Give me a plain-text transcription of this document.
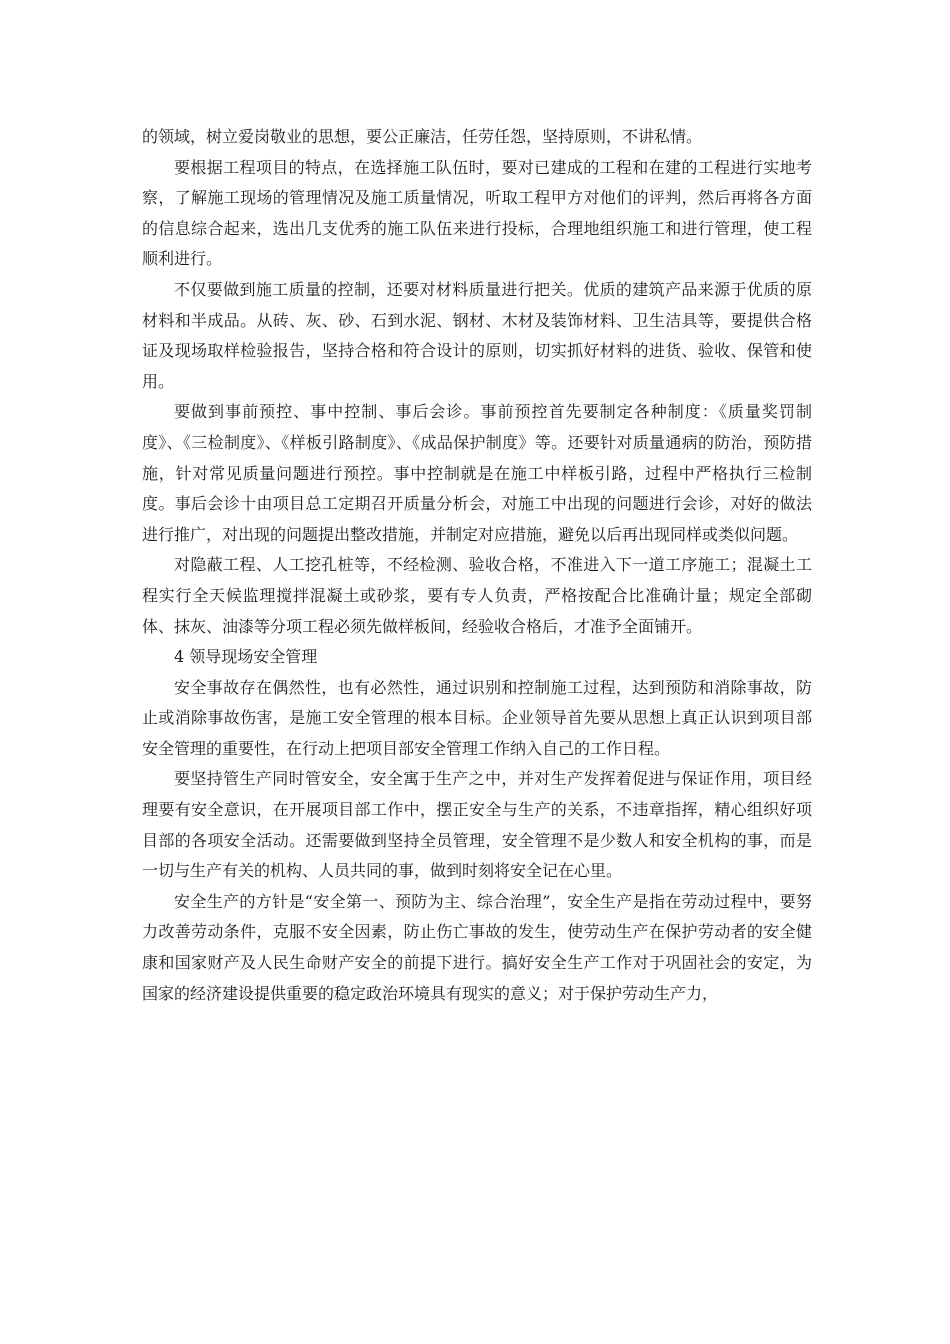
的领域，树立爱岗敬业的思想，要公正廉洁，任劳任怨，坚持原则，不讲私情。

要根据工程项目的特点，在选择施工队伍时，要对已建成的工程和在建的工程进行实地考察，了解施工现场的管理情况及施工质量情况，听取工程甲方对他们的评判，然后再将各方面的信息综合起来，选出几支优秀的施工队伍来进行投标，合理地组织施工和进行管理，使工程顺利进行。

不仅要做到施工质量的控制，还要对材料质量进行把关。优质的建筑产品来源于优质的原材料和半成品。从砖、灰、砂、石到水泥、钢材、木材及装饰材料、卫生洁具等，要提供合格证及现场取样检验报告，坚持合格和符合设计的原则，切实抓好材料的进货、验收、保管和使用。

要做到事前预控、事中控制、事后会诊。事前预控首先要制定各种制度：《质量奖罚制度》、《三检制度》、《样板引路制度》、《成品保护制度》等。还要针对质量通病的防治，预防措施，针对常见质量问题进行预控。事中控制就是在施工中样板引路，过程中严格执行三检制度。事后会诊十由项目总工定期召开质量分析会，对施工中出现的问题进行会诊，对好的做法进行推广，对出现的问题提出整改措施，并制定对应措施，避免以后再出现同样或类似问题。

对隐蔽工程、人工挖孔桩等，不经检测、验收合格，不准进入下一道工序施工；混凝土工程实行全天候监理搅拌混凝土或砂浆，要有专人负责，严格按配合比准确计量；规定全部砌体、抹灰、油漆等分项工程必须先做样板间，经验收合格后，才准予全面铺开。

4 领导现场安全管理

安全事故存在偶然性，也有必然性，通过识别和控制施工过程，达到预防和消除事故，防止或消除事故伤害，是施工安全管理的根本目标。企业领导首先要从思想上真正认识到项目部安全管理的重要性，在行动上把项目部安全管理工作纳入自己的工作日程。

要坚持管生产同时管安全，安全寓于生产之中，并对生产发挥着促进与保证作用，项目经理要有安全意识，在开展项目部工作中，摆正安全与生产的关系，不违章指挥，精心组织好项目部的各项安全活动。还需要做到坚持全员管理，安全管理不是少数人和安全机构的事，而是一切与生产有关的机构、人员共同的事，做到时刻将安全记在心里。

安全生产的方针是“安全第一、预防为主、综合治理”，安全生产是指在劳动过程中，要努力改善劳动条件，克服不安全因素，防止伤亡事故的发生，使劳动生产在保护劳动者的安全健康和国家财产及人民生命财产安全的前提下进行。搞好安全生产工作对于巩固社会的安定，为国家的经济建设提供重要的稳定政治环境具有现实的意义；对于保护劳动生产力，
